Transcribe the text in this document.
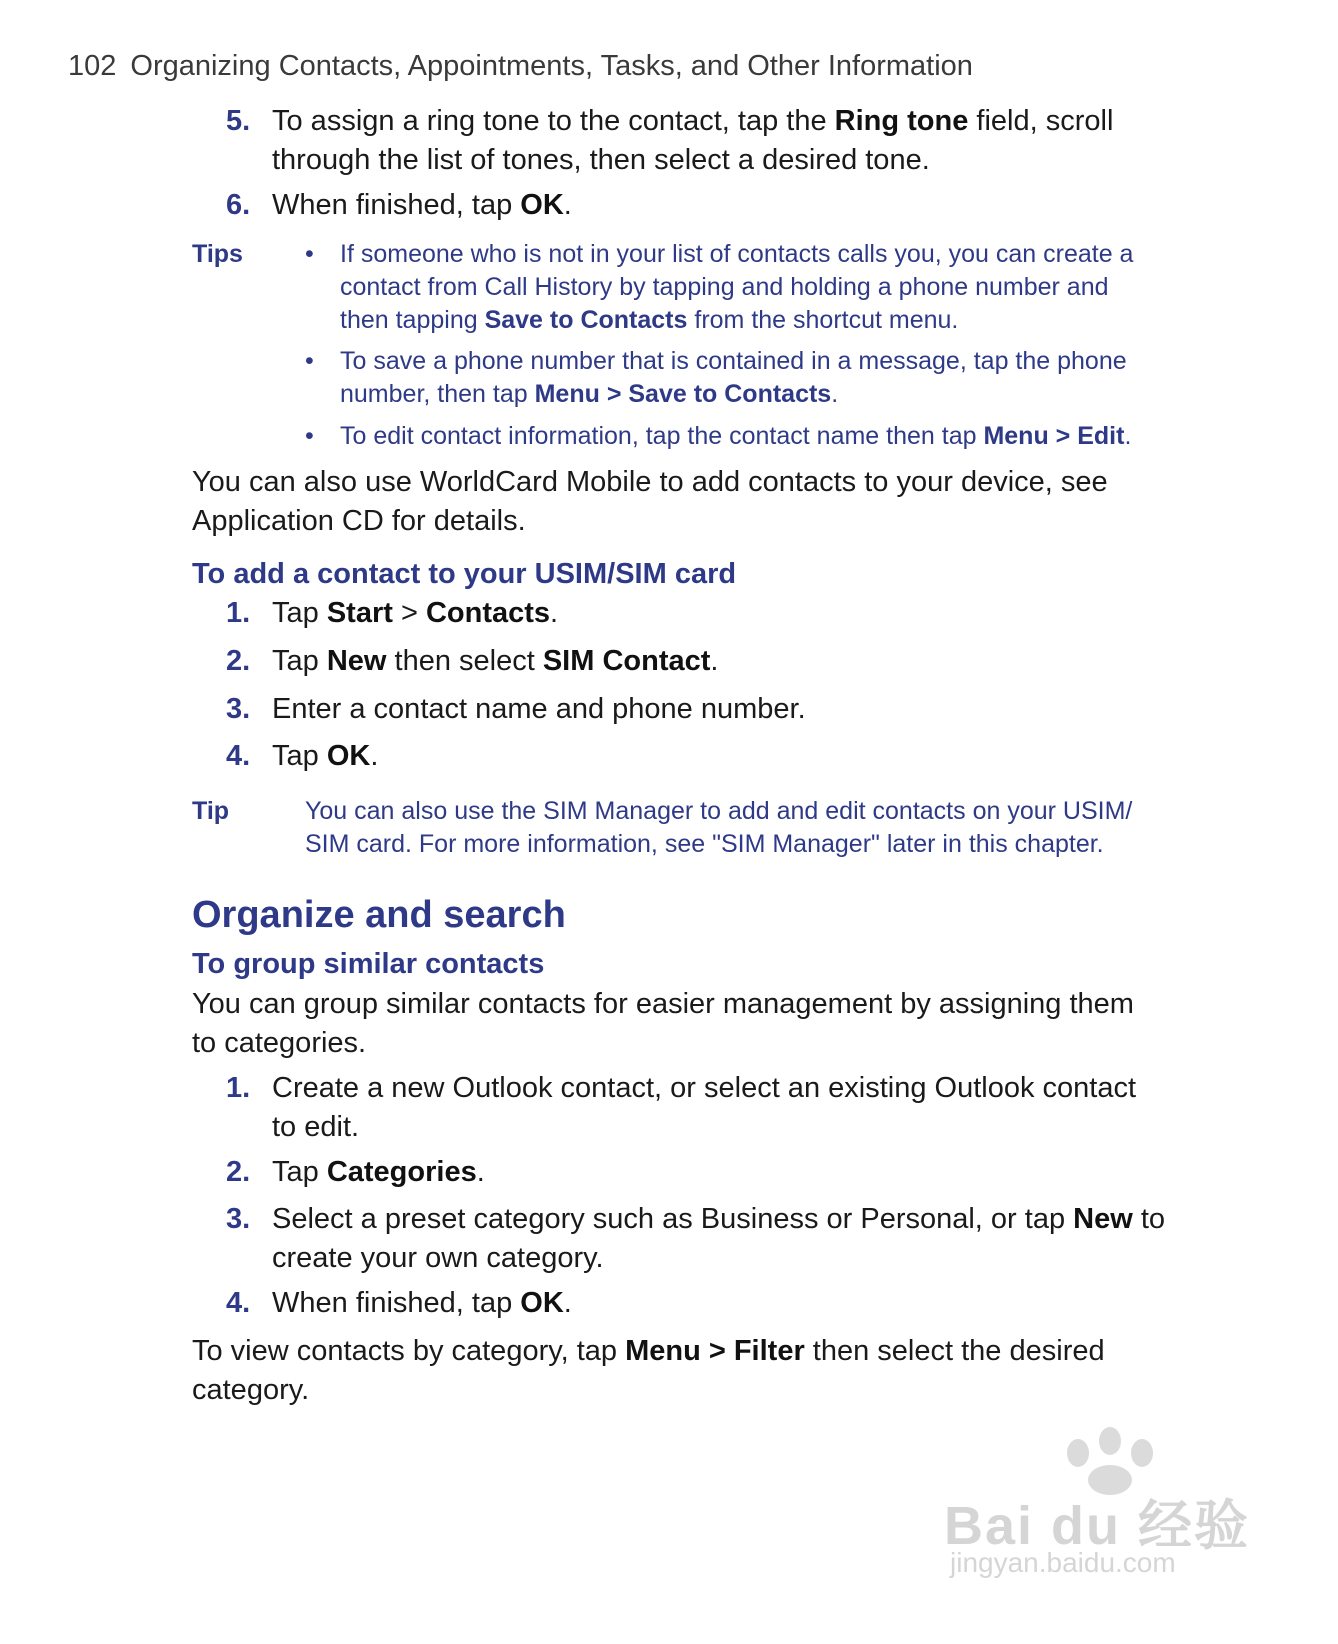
102 Organizing Contacts, Appointments, Tasks, and Other Information
5. To assign a ring tone to the contact, tap the Ring tone field, scroll
through the list of tones, then select a desired tone.
6. When finished, tap OK.
Tips • If someone who is not in your list of contacts calls you, you can create a
contact from Call History by tapping and holding a phone number and
then tapping Save to Contacts from the shortcut menu.
• To save a phone number that is contained in a message, tap the phone
number, then tap Menu > Save to Contacts.
• To edit contact information, tap the contact name then tap Menu > Edit.
You can also use WorldCard Mobile to add contacts to your device, see
Application CD for details.
To add a contact to your USIM/SIM card
1. Tap Start > Contacts.
2. Tap New then select SIM Contact.
3. Enter a contact name and phone number.
4. Tap OK.
Tip	You can also use the SIM Manager to add and edit contacts on your USIM/
SIM card. For more information, see "SIM Manager" later in this chapter.
Organize and search
To group similar contacts
You can group similar contacts for easier management by assigning them
to categories.
1. Create a new Outlook contact, or select an existing Outlook contact
to edit.
2. Tap Categories.
3. Select a preset category such as Business or Personal, or tap New to
create your own category.
4. When finished, tap OK.
To view contacts by category, tap Menu > Filter then select the desired
category.
Bai du 经验
jingyan.baidu.com
